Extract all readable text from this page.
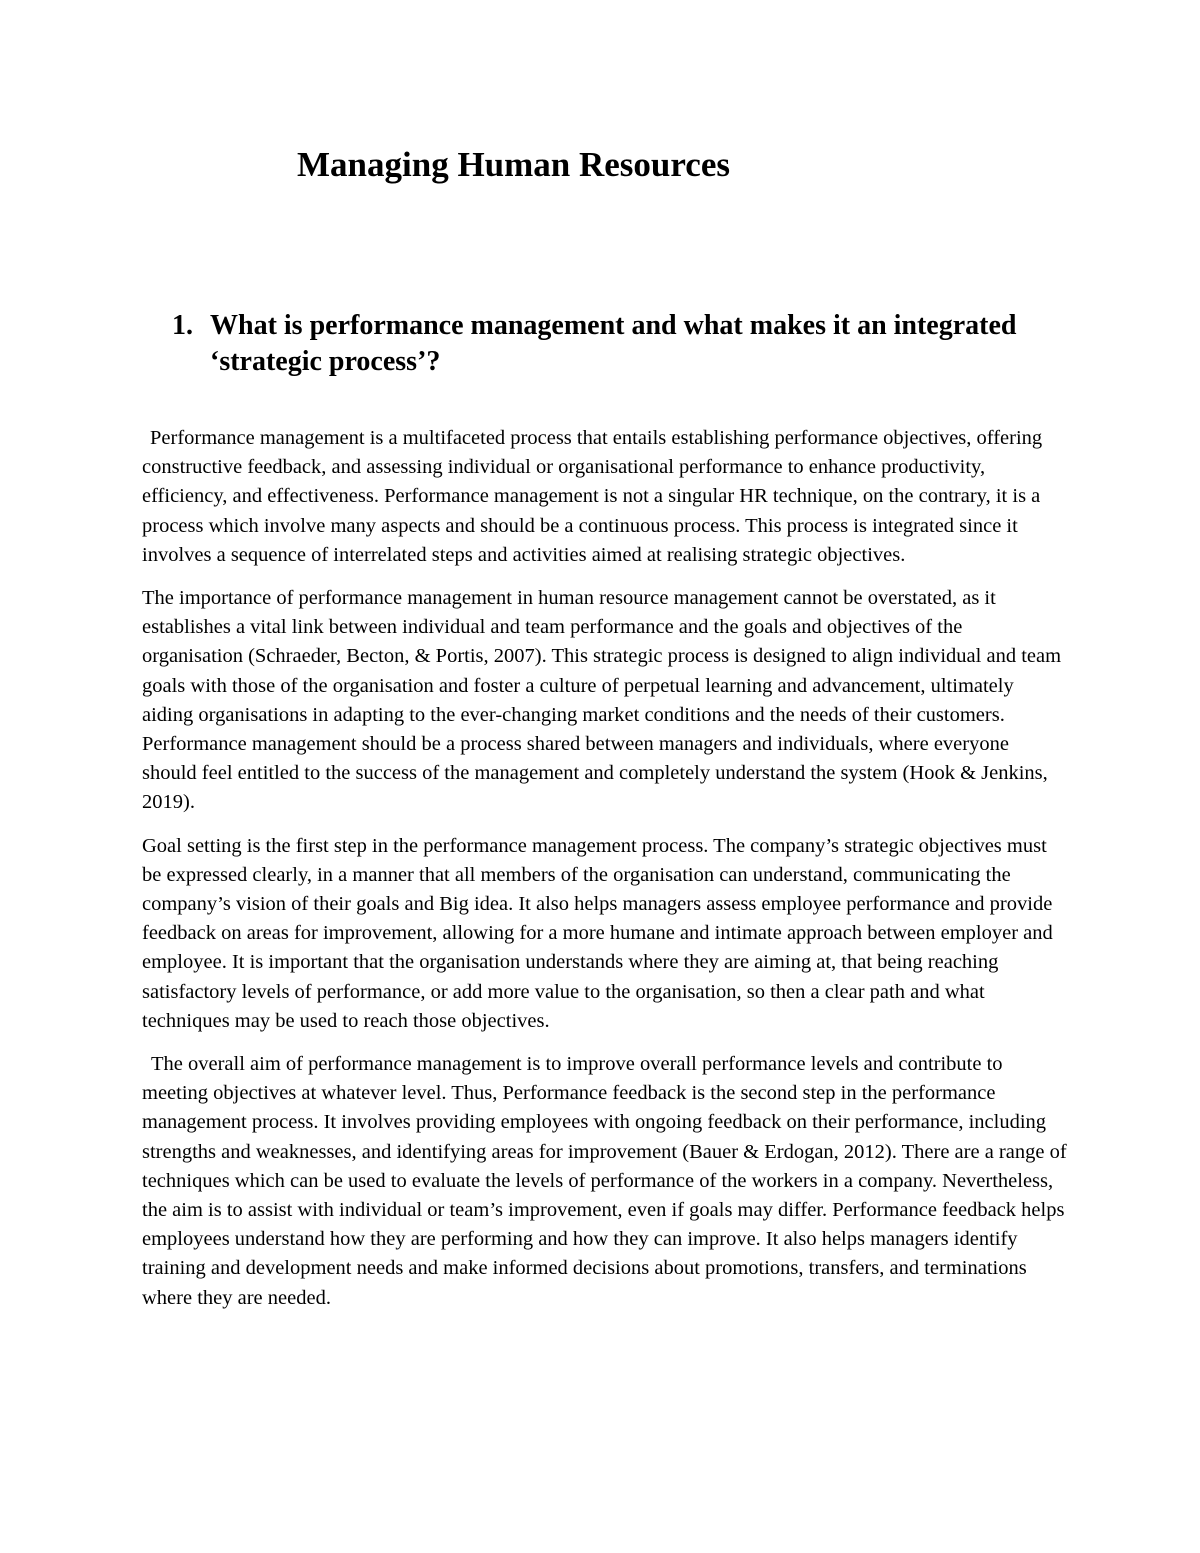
Managing Human Resources
1. What is performance management and what makes it an integrated ‘strategic process’?

Performance management is a multifaceted process that entails establishing performance objectives, offering constructive feedback, and assessing individual or organisational performance to enhance productivity, efficiency, and effectiveness. Performance management is not a singular HR technique, on the contrary, it is a process which involve many aspects and should be a continuous process. This process is integrated since it involves a sequence of interrelated steps and activities aimed at realising strategic objectives.

The importance of performance management in human resource management cannot be overstated, as it establishes a vital link between individual and team performance and the goals and objectives of the organisation (Schraeder, Becton, & Portis, 2007). This strategic process is designed to align individual and team goals with those of the organisation and foster a culture of perpetual learning and advancement, ultimately aiding organisations in adapting to the ever-changing market conditions and the needs of their customers. Performance management should be a process shared between managers and individuals, where everyone should feel entitled to the success of the management and completely understand the system (Hook & Jenkins, 2019).

Goal setting is the first step in the performance management process. The company’s strategic objectives must be expressed clearly, in a manner that all members of the organisation can understand, communicating the company’s vision of their goals and Big idea. It also helps managers assess employee performance and provide feedback on areas for improvement, allowing for a more humane and intimate approach between employer and employee. It is important that the organisation understands where they are aiming at, that being reaching satisfactory levels of performance, or add more value to the organisation, so then a clear path and what techniques may be used to reach those objectives.

The overall aim of performance management is to improve overall performance levels and contribute to meeting objectives at whatever level. Thus, Performance feedback is the second step in the performance management process. It involves providing employees with ongoing feedback on their performance, including strengths and weaknesses, and identifying areas for improvement (Bauer & Erdogan, 2012). There are a range of techniques which can be used to evaluate the levels of performance of the workers in a company. Nevertheless, the aim is to assist with individual or team’s improvement, even if goals may differ. Performance feedback helps employees understand how they are performing and how they can improve. It also helps managers identify training and development needs and make informed decisions about promotions, transfers, and terminations where they are needed.
